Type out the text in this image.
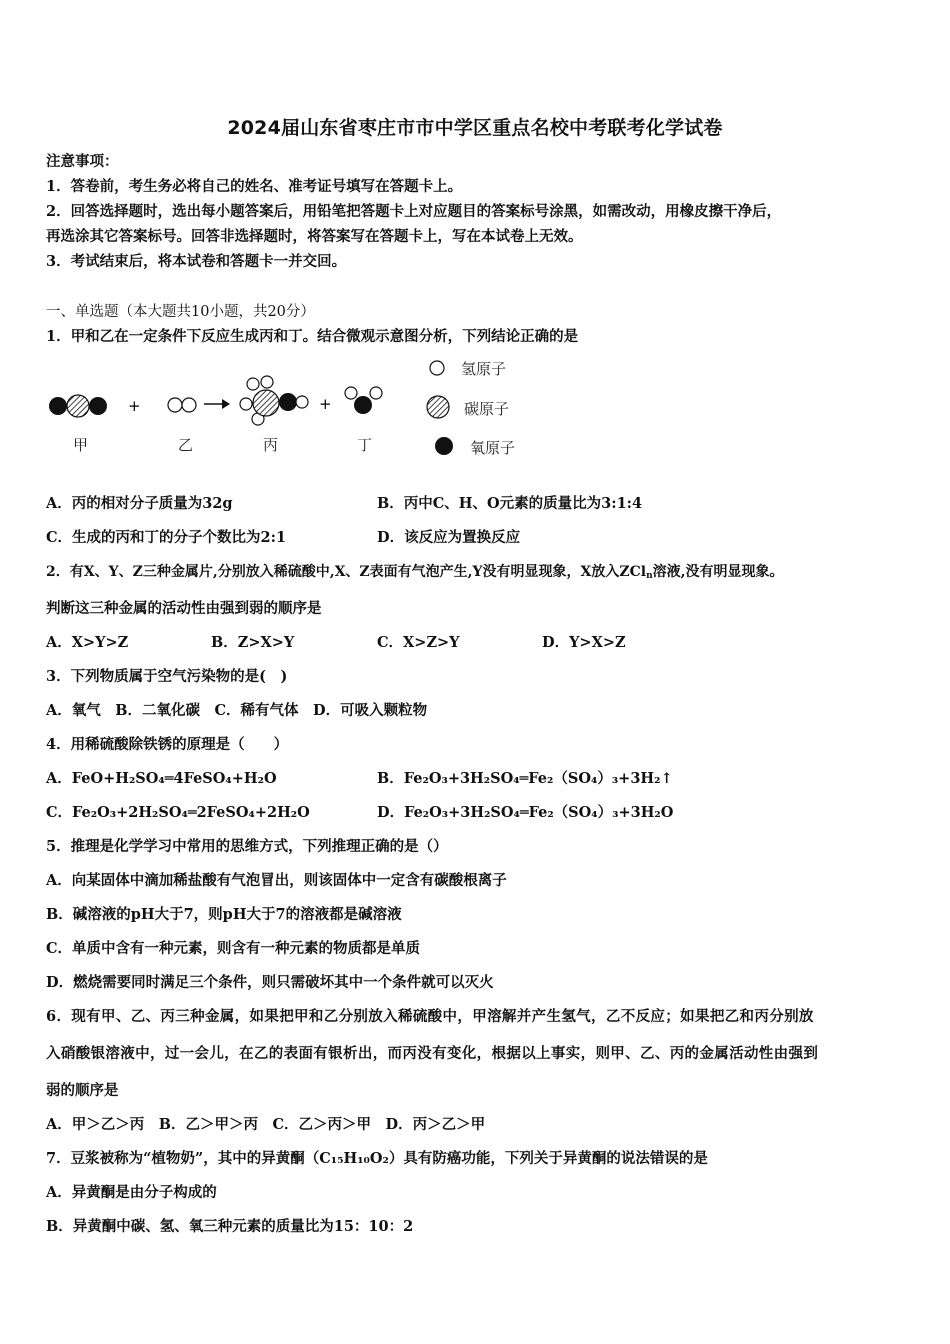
2024届山东省枣庄市市中学区重点名校中考联考化学试卷
注意事项：
1．答卷前，考生务必将自己的姓名、准考证号填写在答题卡上。
2．回答选择题时，选出每小题答案后，用铅笔把答题卡上对应题目的答案标号涂黑，如需改动，用橡皮擦干净后，
再选涂其它答案标号。回答非选择题时，将答案写在答题卡上，写在本试卷上无效。
3．考试结束后，将本试卷和答题卡一并交回。
一、单选题（本大题共10小题，共20分）
1．甲和乙在一定条件下反应生成丙和丁。结合微观示意图分析，下列结论正确的是
+	+
甲	乙	丙	丁
氢原子
碳原子
氧原子
A．丙的相对分子质量为32g	B．丙中C、H、O元素的质量比为3:1:4
C．生成的丙和丁的分子个数比为2:1	D．该反应为置换反应
2．有X、Y、Z三种金属片,分别放入稀硫酸中,X、Z表面有气泡产生,Y没有明显现象，X放入ZCl$_n$溶液,没有明显现象。
判断这三种金属的活动性由强到弱的顺序是
A．X>Y>Z	B．Z>X>Y	C．X>Z>Y	D．Y>X>Z
3．下列物质属于空气污染物的是(　)
A．氧气　B．二氧化碳　C．稀有气体　D．可吸入颗粒物
4．用稀硫酸除铁锈的原理是（　　）
A．FeO+H₂SO₄═4FeSO₄+H₂O	B．Fe₂O₃+3H₂SO₄═Fe₂（SO₄）₃+3H₂↑
C．Fe₂O₃+2H₂SO₄═2FeSO₄+2H₂O	D．Fe₂O₃+3H₂SO₄═Fe₂（SO₄）₃+3H₂O
5．推理是化学学习中常用的思维方式，下列推理正确的是（）
A．向某固体中滴加稀盐酸有气泡冒出，则该固体中一定含有碳酸根离子
B．碱溶液的pH大于7，则pH大于7的溶液都是碱溶液
C．单质中含有一种元素，则含有一种元素的物质都是单质
D．燃烧需要同时满足三个条件，则只需破坏其中一个条件就可以灭火
6．现有甲、乙、丙三种金属，如果把甲和乙分别放入稀硫酸中，甲溶解并产生氢气，乙不反应；如果把乙和丙分别放
入硝酸银溶液中，过一会儿，在乙的表面有银析出，而丙没有变化，根据以上事实，则甲、乙、丙的金属活动性由强到
弱的顺序是
A．甲＞乙＞丙　B．乙＞甲＞丙　C．乙＞丙＞甲　D．丙＞乙＞甲
7．豆浆被称为“植物奶”，其中的异黄酮（C₁₅H₁₀O₂）具有防癌功能，下列关于异黄酮的说法错误的是
A．异黄酮是由分子构成的
B．异黄酮中碳、氢、氧三种元素的质量比为15：10：2
